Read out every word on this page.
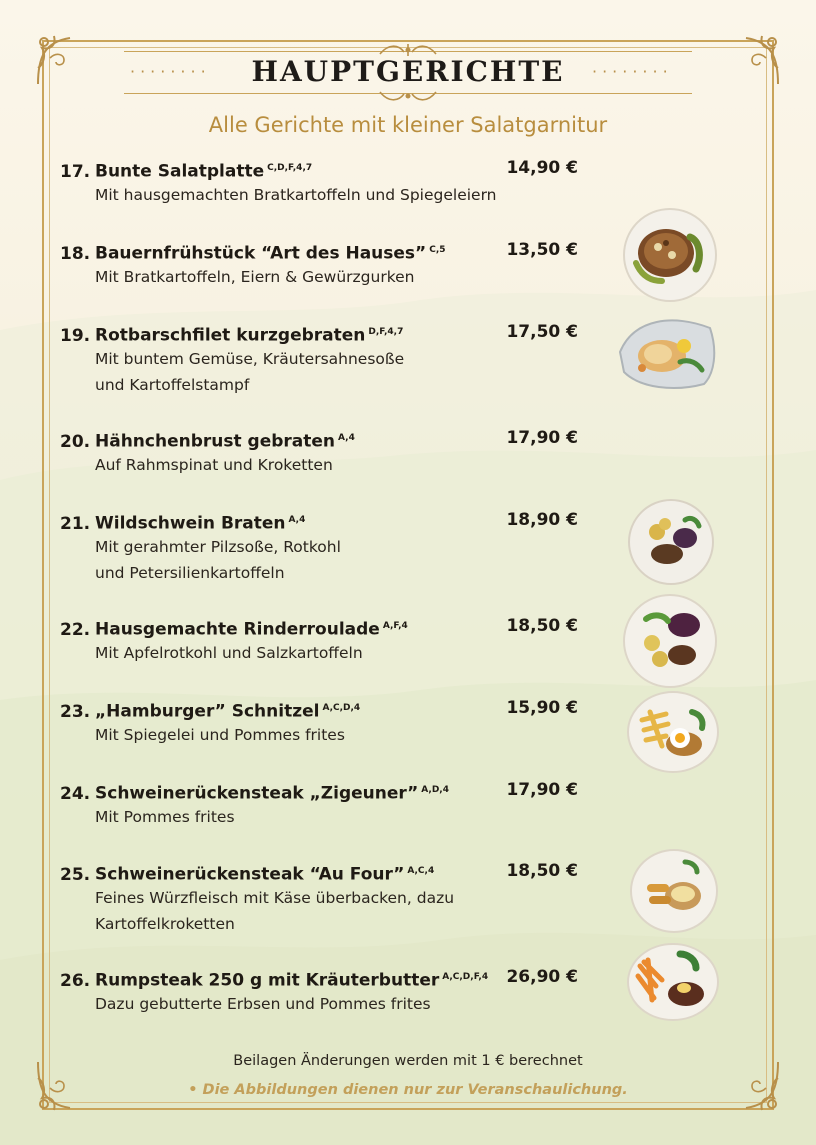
········	········
HAUPTGERICHTE
Alle Gerichte mit kleiner Salatgarnitur
17. Bunte Salatplatte $^{C,D,F,4,7}$	14,90 €
Mit hausgemachten Bratkartoffeln und Spiegeleiern
18. Bauernfrühstück “Art des Hauses” $^{C,5}$	13,50 €
Mit Bratkartoffeln, Eiern & Gewürzgurken
19. Rotbarschfilet kurzgebraten $^{D,F,4,7}$	17,50 €
Mit buntem Gemüse, Kräutersahnesoße
und Kartoffelstampf
20. Hähnchenbrust gebraten $^{A,4}$	17,90 €
Auf Rahmspinat und Kroketten
21. Wildschwein Braten $^{A,4}$	18,90 €
Mit gerahmter Pilzsoße, Rotkohl
und Petersilienkartoffeln
22. Hausgemachte Rinderroulade $^{A,F,4}$	18,50 €
Mit Apfelrotkohl und Salzkartoffeln
23. „Hamburger” Schnitzel $^{A,C,D,4}$	15,90 €
Mit Spiegelei und Pommes frites
24. Schweinerückensteak „Zigeuner” $^{A,D,4}$	17,90 €
Mit Pommes frites
25. Schweinerückensteak “Au Four” $^{A,C,4}$	18,50 €
Feines Würzfleisch mit Käse überbacken, dazu
Kartoffelkroketten
26. Rumpsteak 250 g mit Kräuterbutter $^{A,C,D,F,4}$ 26,90 €
Dazu gebutterte Erbsen und Pommes frites
Beilagen Änderungen werden mit 1 € berechnet
• Die Abbildungen dienen nur zur Veranschaulichung.
